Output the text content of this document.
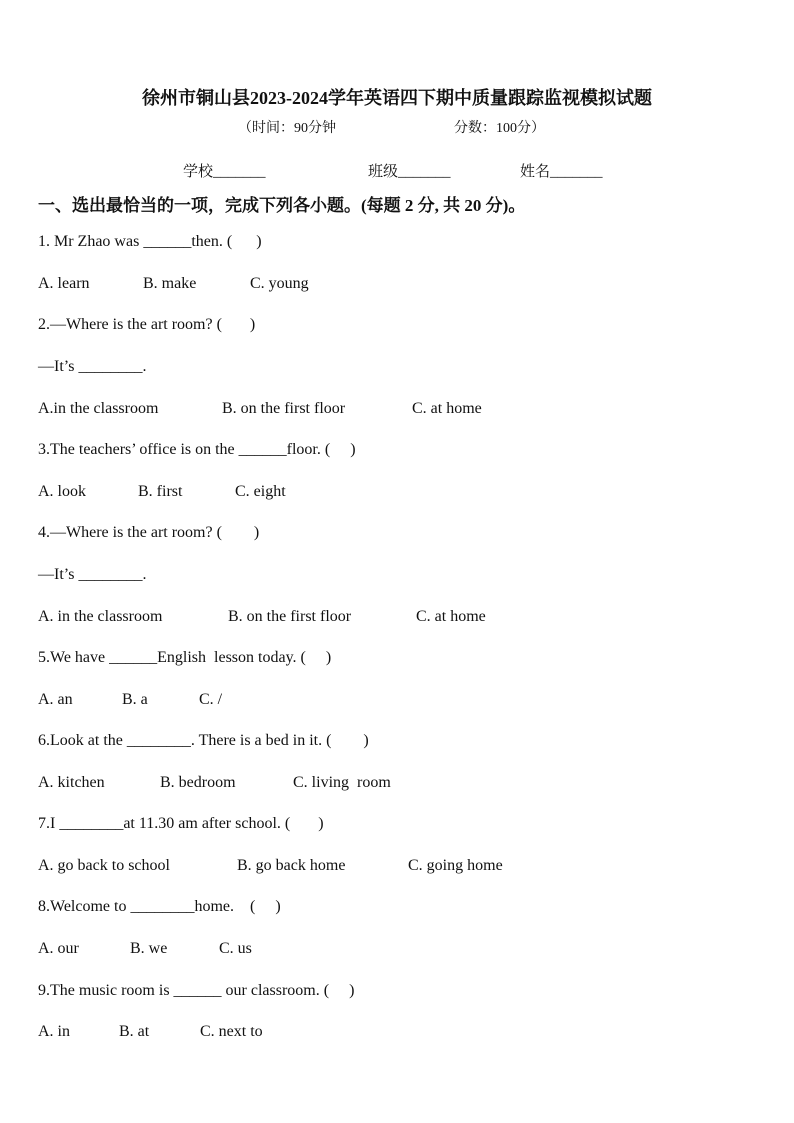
徐州市铜山县2023-2024学年英语四下期中质量跟踪监视模拟试题
（时间：90分钟	分数：100分）
学校_______	班级_______	姓名_______
一、选出最恰当的一项，完成下列各小题。(每题 2 分, 共 20 分)。
1. Mr Zhao was ______then. (      )
A. learn	B. make	C. young
2.—Where is the art room? (       )
—It’s ________.
A.in the classroom	B. on the first floor	C. at home
3.The teachers’ office is on the ______floor. (     )
A. look	B. first	C. eight
4.—Where is the art room? (        )
—It’s ________.
A. in the classroom	B. on the first floor	C. at home
5.We have ______English  lesson today. (     )
A. an	B. a	C. /
6.Look at the ________. There is a bed in it. (        )
A. kitchen	B. bedroom	C. living  room
7.I ________at 11.30 am after school. (       )
A. go back to school	B. go back home	C. going home
8.Welcome to ________home.    (     )
A. our	B. we	C. us
9.The music room is ______ our classroom. (     )
A. in	B. at	C. next to
